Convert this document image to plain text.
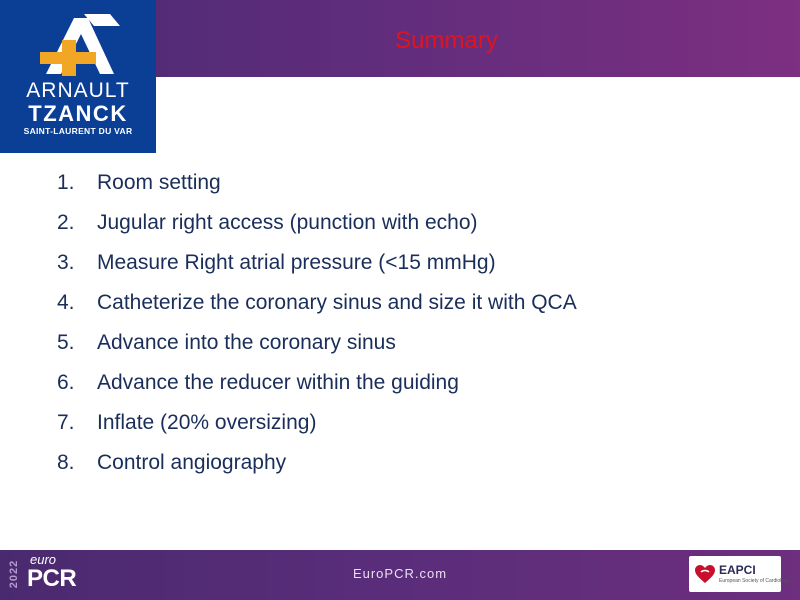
Summary
ARNAULT
TZANCK
SAINT-LAURENT DU VAR
1. Room setting
2. Jugular right access (punction with echo)
3. Measure Right atrial pressure (<15 mmHg)
4. Catheterize the coronary sinus and size it with QCA
5. Advance into the coronary sinus
6. Advance the reducer within the guiding
7. Inflate (20% oversizing)
8. Control angiography
2022
euro
PCR	EuroPCR.com	EAPCI
European Society of Cardiology
